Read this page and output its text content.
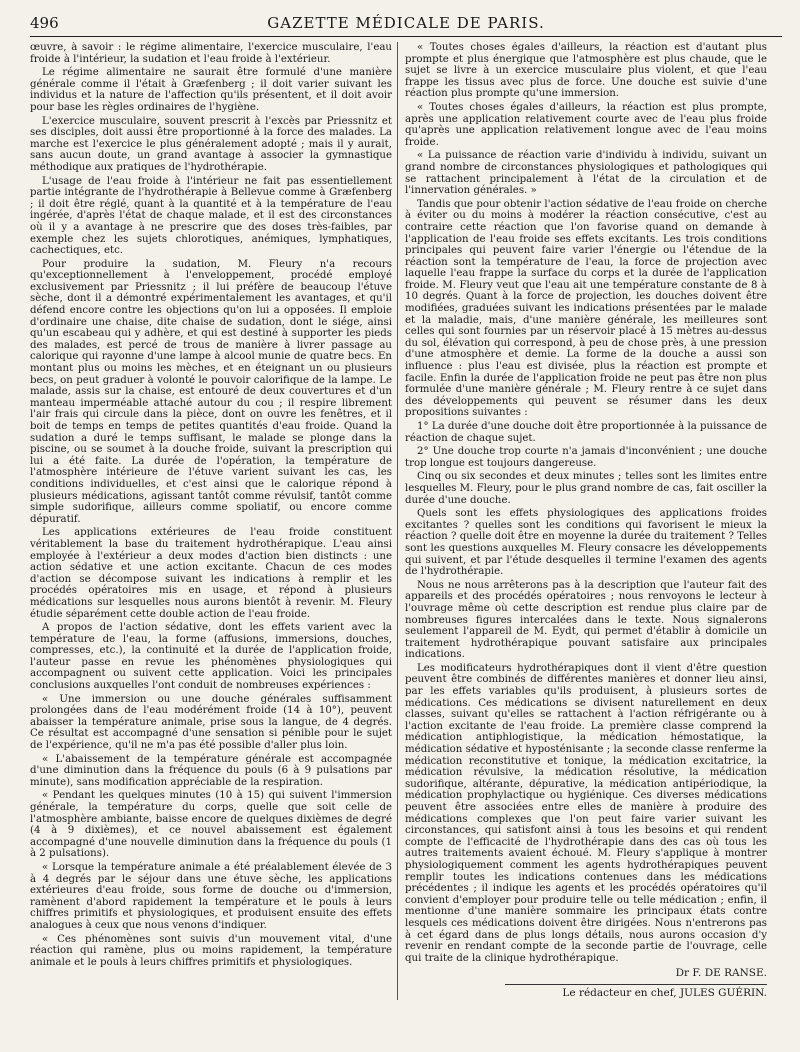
496	GAZETTE MÉDICALE DE PARIS.

œuvre, à savoir : le régime alimentaire, l'exercice musculaire, l'eau froide à l'intérieur, la sudation et l'eau froide à l'extérieur.

Le régime alimentaire ne saurait être formulé d'une manière générale comme il l'était à Græfenberg ; il doit varier suivant les individus et la nature de l'affection qu'ils présentent, et il doit avoir pour base les règles ordinaires de l'hygiène.

L'exercice musculaire, souvent prescrit à l'excès par Priessnitz et ses disciples, doit aussi être proportionné à la force des malades. La marche est l'exercice le plus généralement adopté ; mais il y aurait, sans aucun doute, un grand avantage à associer la gymnastique méthodique aux pratiques de l'hydrothérapie.

L'usage de l'eau froide à l'intérieur ne fait pas essentiellement partie intégrante de l'hydrothérapie à Bellevue comme à Græfenberg ; il doit être réglé, quant à la quantité et à la température de l'eau ingérée, d'après l'état de chaque malade, et il est des circonstances où il y a avantage à ne prescrire que des doses très-faibles, par exemple chez les sujets chlorotiques, anémiques, lymphatiques, cachectiques, etc.

Pour produire la sudation, M. Fleury n'a recours qu'exceptionnellement à l'enveloppement, procédé employé exclusivement par Priessnitz ; il lui préfère de beaucoup l'étuve sèche, dont il a démontré expérimentalement les avantages, et qu'il défend encore contre les objections qu'on lui a opposées. Il emploie d'ordinaire une chaise, dite chaise de sudation, dont le siége, ainsi qu'un escabeau qui y adhère, et qui est destiné à supporter les pieds des malades, est percé de trous de manière à livrer passage au calorique qui rayonne d'une lampe à alcool munie de quatre becs. En montant plus ou moins les mèches, et en éteignant un ou plusieurs becs, on peut graduer à volonté le pouvoir calorifique de la lampe. Le malade, assis sur la chaise, est entouré de deux couvertures et d'un manteau imperméable attaché autour du cou ; il respire librement l'air frais qui circule dans la pièce, dont on ouvre les fenêtres, et il boit de temps en temps de petites quantités d'eau froide. Quand la sudation a duré le temps suffisant, le malade se plonge dans la piscine, ou se soumet à la douche froide, suivant la prescription qui lui a été faite. La durée de l'opération, la température de l'atmosphère intérieure de l'étuve varient suivant les cas, les conditions individuelles, et c'est ainsi que le calorique répond à plusieurs médications, agissant tantôt comme révulsif, tantôt comme simple sudorifique, ailleurs comme spoliatif, ou encore comme dépuratif.

Les applications extérieures de l'eau froide constituent véritablement la base du traitement hydrothérapique. L'eau ainsi employée à l'extérieur a deux modes d'action bien distincts : une action sédative et une action excitante. Chacun de ces modes d'action se décompose suivant les indications à remplir et les procédés opératoires mis en usage, et répond à plusieurs médications sur lesquelles nous aurons bientôt à revenir. M. Fleury étudie séparément cette double action de l'eau froide.

A propos de l'action sédative, dont les effets varient avec la température de l'eau, la forme (affusions, immersions, douches, compresses, etc.), la continuité et la durée de l'application froide, l'auteur passe en revue les phénomènes physiologiques qui accompagnent ou suivent cette application. Voici les principales conclusions auxquelles l'ont conduit de nombreuses expériences :

« Une immersion ou une douche générales suffisamment prolongées dans de l'eau modérément froide (14 à 10°), peuvent abaisser la température animale, prise sous la langue, de 4 degrés. Ce résultat est accompagné d'une sensation si pénible pour le sujet de l'expérience, qu'il ne m'a pas été possible d'aller plus loin.

« L'abaissement de la température générale est accompagnée d'une diminution dans la fréquence du pouls (6 à 9 pulsations par minute), sans modification appréciable de la respiration.

« Pendant les quelques minutes (10 à 15) qui suivent l'immersion générale, la température du corps, quelle que soit celle de l'atmosphère ambiante, baisse encore de quelques dixièmes de degré (4 à 9 dixièmes), et ce nouvel abaissement est également accompagné d'une nouvelle diminution dans la fréquence du pouls (1 à 2 pulsations).

« Lorsque la température animale a été préalablement élevée de 3 à 4 degrés par le séjour dans une étuve sèche, les applications extérieures d'eau froide, sous forme de douche ou d'immersion, ramènent d'abord rapidement la température et le pouls à leurs chiffres primitifs et physiologiques, et produisent ensuite des effets analogues à ceux que nous venons d'indiquer.

« Ces phénomènes sont suivis d'un mouvement vital, d'une réaction qui ramène, plus ou moins rapidement, la température animale et le pouls à leurs chiffres primitifs et physiologiques.

« Toutes choses égales d'ailleurs, la réaction est d'autant plus prompte et plus énergique que l'atmosphère est plus chaude, que le sujet se livre à un exercice musculaire plus violent, et que l'eau frappe les tissus avec plus de force. Une douche est suivie d'une réaction plus prompte qu'une immersion.

« Toutes choses égales d'ailleurs, la réaction est plus prompte, après une application relativement courte avec de l'eau plus froide qu'après une application relativement longue avec de l'eau moins froide.

« La puissance de réaction varie d'individu à individu, suivant un grand nombre de circonstances physiologiques et pathologiques qui se rattachent principalement à l'état de la circulation et de l'innervation générales. »

Tandis que pour obtenir l'action sédative de l'eau froide on cherche à éviter ou du moins à modérer la réaction consécutive, c'est au contraire cette réaction que l'on favorise quand on demande à l'application de l'eau froide ses effets excitants. Les trois conditions principales qui peuvent faire varier l'énergie ou l'étendue de la réaction sont la température de l'eau, la force de projection avec laquelle l'eau frappe la surface du corps et la durée de l'application froide. M. Fleury veut que l'eau ait une température constante de 8 à 10 degrés. Quant à la force de projection, les douches doivent être modifiées, graduées suivant les indications présentées par le malade et la maladie, mais, d'une manière générale, les meilleures sont celles qui sont fournies par un réservoir placé à 15 mètres au-dessus du sol, élévation qui correspond, à peu de chose près, à une pression d'une atmosphère et demie. La forme de la douche a aussi son influence : plus l'eau est divisée, plus la réaction est prompte et facile. Enfin la durée de l'application froide ne peut pas être non plus formulée d'une manière générale ; M. Fleury rentre à ce sujet dans des développements qui peuvent se résumer dans les deux propositions suivantes :

1° La durée d'une douche doit être proportionnée à la puissance de réaction de chaque sujet.

2° Une douche trop courte n'a jamais d'inconvénient ; une douche trop longue est toujours dangereuse.

Cinq ou six secondes et deux minutes ; telles sont les limites entre lesquelles M. Fleury, pour le plus grand nombre de cas, fait osciller la durée d'une douche.

Quels sont les effets physiologiques des applications froides excitantes ? quelles sont les conditions qui favorisent le mieux la réaction ? quelle doit être en moyenne la durée du traitement ? Telles sont les questions auxquelles M. Fleury consacre les développements qui suivent, et par l'étude desquelles il termine l'examen des agents de l'hydrothérapie.

Nous ne nous arrêterons pas à la description que l'auteur fait des appareils et des procédés opératoires ; nous renvoyons le lecteur à l'ouvrage même où cette description est rendue plus claire par de nombreuses figures intercalées dans le texte. Nous signalerons seulement l'appareil de M. Eydt, qui permet d'établir à domicile un traitement hydrothérapique pouvant satisfaire aux principales indications.

Les modificateurs hydrothérapiques dont il vient d'être question peuvent être combinés de différentes manières et donner lieu ainsi, par les effets variables qu'ils produisent, à plusieurs sortes de médications. Ces médications se divisent naturellement en deux classes, suivant qu'elles se rattachent à l'action réfrigérante ou à l'action excitante de l'eau froide. La première classe comprend la médication antiphlogistique, la médication hémostatique, la médication sédative et hyposténisante ; la seconde classe renferme la médication reconstitutive et tonique, la médication excitatrice, la médication révulsive, la médication résolutive, la médication sudorifique, altérante, dépurative, la médication antipériodique, la médication prophylactique ou hygiénique. Ces diverses médications peuvent être associées entre elles de manière à produire des médications complexes que l'on peut faire varier suivant les circonstances, qui satisfont ainsi à tous les besoins et qui rendent compte de l'efficacité de l'hydrothérapie dans des cas où tous les autres traitements avaient échoué. M. Fleury s'applique à montrer physiologiquement comment les agents hydrothérapiques peuvent remplir toutes les indications contenues dans les médications précédentes ; il indique les agents et les procédés opératoires qu'il convient d'employer pour produire telle ou telle médication ; enfin, il mentionne d'une manière sommaire les principaux états contre lesquels ces médications doivent être dirigées. Nous n'entrerons pas à cet égard dans de plus longs détails, nous aurons occasion d'y revenir en rendant compte de la seconde partie de l'ouvrage, celle qui traite de la clinique hydrothérapique.

Dr F. DE RANSE.
Le rédacteur en chef, JULES GUÉRIN.
